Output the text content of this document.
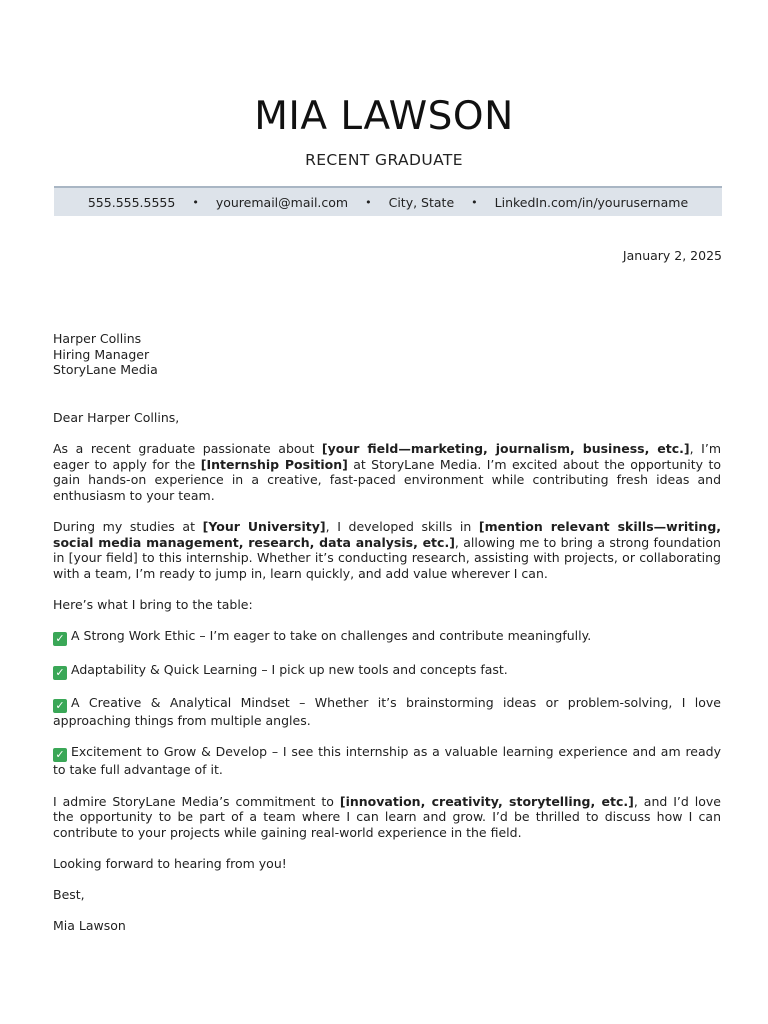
MIA LAWSON
RECENT GRADUATE
555.555.5555 • youremail@mail.com • City, State • LinkedIn.com/in/yourusername
January 2, 2025

Harper Collins
Hiring Manager
StoryLane Media

Dear Harper Collins,

As a recent graduate passionate about [your field—marketing, journalism, business, etc.], I’m eager to apply for the [Internship Position] at StoryLane Media. I’m excited about the opportunity to gain hands-on experience in a creative, fast-paced environment while contributing fresh ideas and enthusiasm to your team.

During my studies at [Your University], I developed skills in [mention relevant skills—writing, social media management, research, data analysis, etc.], allowing me to bring a strong foundation in [your field] to this internship. Whether it’s conducting research, assisting with projects, or collaborating with a team, I’m ready to jump in, learn quickly, and add value wherever I can.

Here’s what I bring to the table:

✓ A Strong Work Ethic – I’m eager to take on challenges and contribute meaningfully.

✓ Adaptability & Quick Learning – I pick up new tools and concepts fast.

✓ A Creative & Analytical Mindset – Whether it’s brainstorming ideas or problem-solving, I love approaching things from multiple angles.

✓ Excitement to Grow & Develop – I see this internship as a valuable learning experience and am ready to take full advantage of it.

I admire StoryLane Media’s commitment to [innovation, creativity, storytelling, etc.], and I’d love the opportunity to be part of a team where I can learn and grow. I’d be thrilled to discuss how I can contribute to your projects while gaining real-world experience in the field.

Looking forward to hearing from you!

Best,

Mia Lawson
